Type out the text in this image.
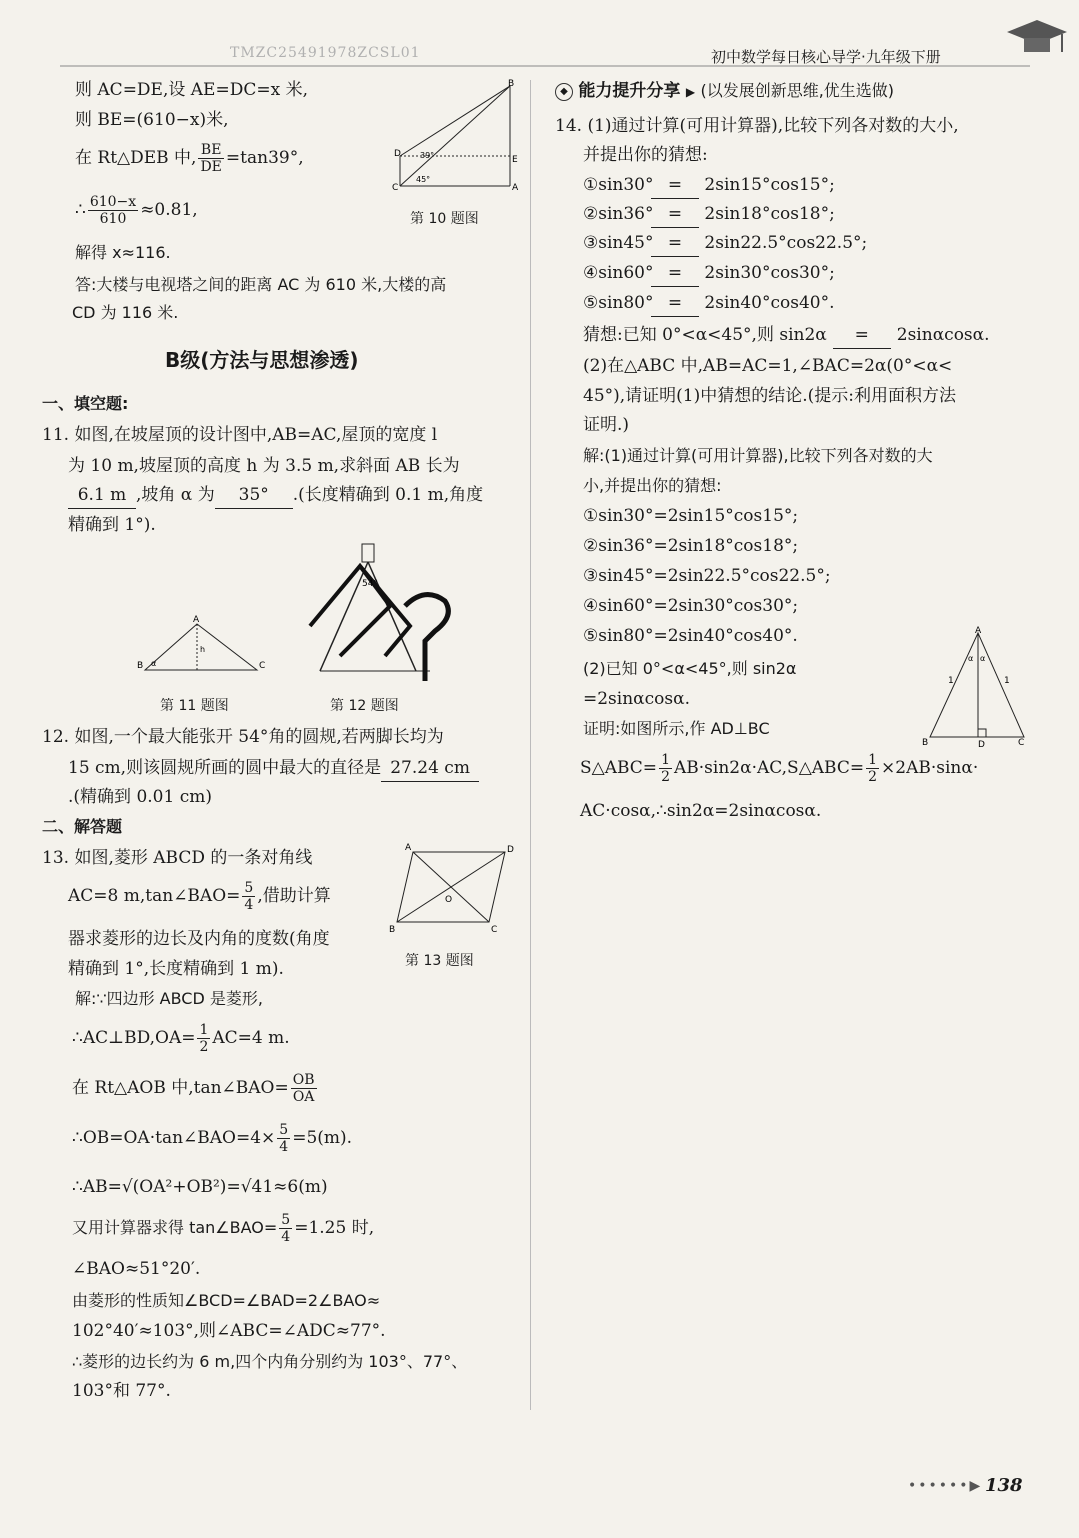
TMZC25491978ZCSL01	初中数学每日核心导学·九年级下册
则 AC=DE,设 AE=DC=x 米,
则 BE=(610−x)米,
在 Rt△DEB 中, $\frac{BE}{DE} =\tan 39^\circ$,
∴ $\frac{610-x}{610} \approx 0.81$,
解得 x≈116.
答:大楼与电视塔之间的距离 AC 为 610 米,大楼的高
CD 为 116 米.
B
D
E
C	A
39°
45°
第 10 题图
B级(方法与思想渗透)
一、填空题:
11. 如图,在坡屋顶的设计图中,AB=AC,屋顶的宽度 l
为 10 m,坡屋顶的高度 h 为 3.5 m,求斜面 AB 长为
6.1 m ,坡角 α 为 35° .(长度精确到 0.1 m,角度
精确到 1°).
A
B	C
h
α
第 11 题图
54°
第 12 题图
12. 如图,一个最大能张开 54°角的圆规,若两脚长均为
15 cm,则该圆规所画的圆中最大的直径是 27.24 cm
.(精确到 0.01 cm)
二、解答题
13. 如图,菱形 ABCD 的一条对角线
AC=8 m,tan∠BAO= $\frac{5}{4}$ ,借助计算
器求菱形的边长及内角的度数(角度
精确到 1°,长度精确到 1 m).
A	D
B	C
O
第 13 题图
解:∵四边形 ABCD 是菱形,
∴AC⊥BD,OA= $\frac{1}{2} AC=4$ m.
在 Rt△AOB 中,tan∠BAO= $\frac{OB}{OA}$
∴OB=OA·tan∠BAO=4× $\frac{5}{4} =5(m)$.
∴AB=√(OA²+OB²)=√41≈6(m)
又用计算器求得 tan∠BAO= $\frac{5}{4} =1.25$ 时,
∠BAO≈51°20′.
由菱形的性质知∠BCD=∠BAD=2∠BAO≈
102°40′≈103°,则∠ABC=∠ADC≈77°.
∴菱形的边长约为 6 m,四个内角分别约为 103°、77°、
103°和 77°.
◆ 能力提升分享 ▶ (以发展创新思维,优生选做)
14. (1)通过计算(可用计算器),比较下列各对数的大小,
并提出你的猜想:
①sin30° = 2sin15°cos15°;
②sin36° = 2sin18°cos18°;
③sin45° = 2sin22.5°cos22.5°;
④sin60° = 2sin30°cos30°;
⑤sin80° = 2sin40°cos40°.
猜想:已知 0°<α<45°,则 sin2α = 2sinαcosα.
(2)在△ABC 中,AB=AC=1,∠BAC=2α(0°<α<
45°),请证明(1)中猜想的结论.(提示:利用面积方法
证明.)
解:(1)通过计算(可用计算器),比较下列各对数的大
小,并提出你的猜想:
①sin30°=2sin15°cos15°;
②sin36°=2sin18°cos18°;
③sin45°=2sin22.5°cos22.5°;
④sin60°=2sin30°cos30°;
⑤sin80°=2sin40°cos40°.
(2)已知 0°<α<45°,则 sin2α
=2sinαcosα.
证明:如图所示,作 AD⊥BC
S△ABC= $\frac{1}{2}$ AB·sin2α·AC,S△ABC= $\frac{1}{2} \times 2AB\cdot\sin\alpha\cdot$
AC·cosα,∴sin2α=2sinαcosα.
A
B	C
D
1	1
α α
••••••▶ 138
